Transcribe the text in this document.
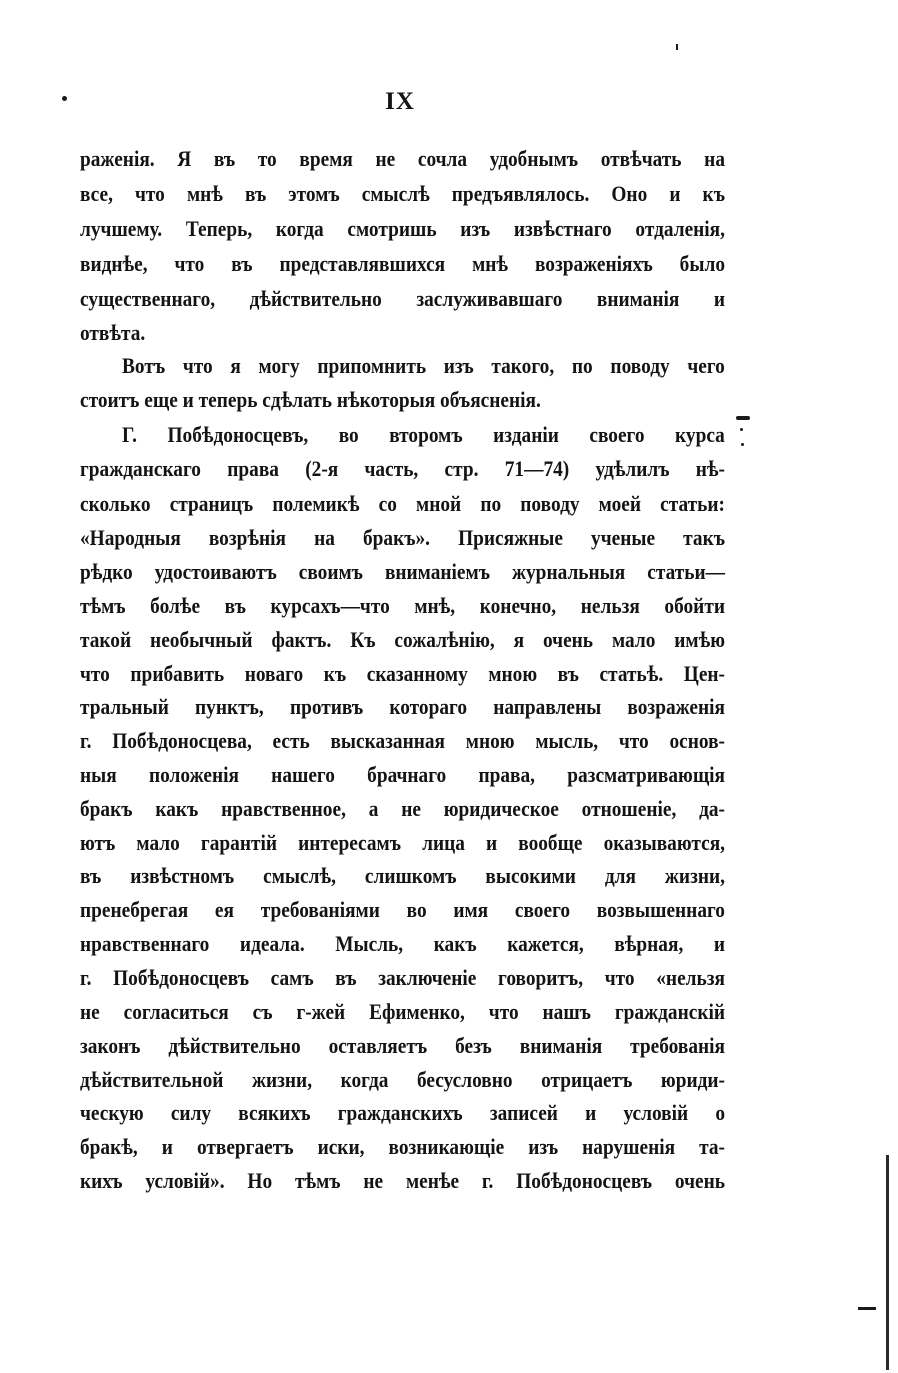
IX
раженія. Я въ то время не сочла удобнымъ отвѣчать на
все, что мнѣ въ этомъ смыслѣ предъявлялось. Оно и къ
лучшему. Теперь, когда смотришь изъ извѣстнаго отдаленія,
виднѣе, что въ представлявшихся мнѣ возраженіяхъ было
существеннаго, дѣйствительно заслуживавшаго вниманія и
отвѣта.
Вотъ что я могу припомнить изъ такого, по поводу чего
стоитъ еще и теперь сдѣлать нѣкоторыя объясненія.
Г. Побѣдоносцевъ, во второмъ изданіи своего курса
гражданскаго права (2-я часть, стр. 71—74) удѣлилъ нѣ-
сколько страницъ полемикѣ со мной по поводу моей статьи:
«Народныя возрѣнія на бракъ». Присяжные ученые такъ
рѣдко удостоиваютъ своимъ вниманіемъ журнальныя статьи—
тѣмъ болѣе въ курсахъ—что мнѣ, конечно, нельзя обойти
такой необычный фактъ. Къ сожалѣнію, я очень мало имѣю
что прибавить новаго къ сказанному мною въ статьѣ. Цен-
тральный пунктъ, противъ котораго направлены возраженія
г. Побѣдоносцева, есть высказанная мною мысль, что основ-
ныя положенія нашего брачнаго права, разсматривающія
бракъ какъ нравственное, а не юридическое отношеніе, да-
ютъ мало гарантій интересамъ лица и вообще оказываются,
въ извѣстномъ смыслѣ, слишкомъ высокими для жизни,
пренебрегая ея требованіями во имя своего возвышеннаго
нравственнаго идеала. Мысль, какъ кажется, вѣрная, и
г. Побѣдоносцевъ самъ въ заключеніе говоритъ, что «нельзя
не согласиться съ г-жей Ефименко, что нашъ гражданскій
законъ дѣйствительно оставляетъ безъ вниманія требованія
дѣйствительной жизни, когда бесусловно отрицаетъ юриди-
ческую силу всякихъ гражданскихъ записей и условій о
бракѣ, и отвергаетъ иски, возникающіе изъ нарушенія та-
кихъ условій». Но тѣмъ не менѣе г. Побѣдоносцевъ очень
